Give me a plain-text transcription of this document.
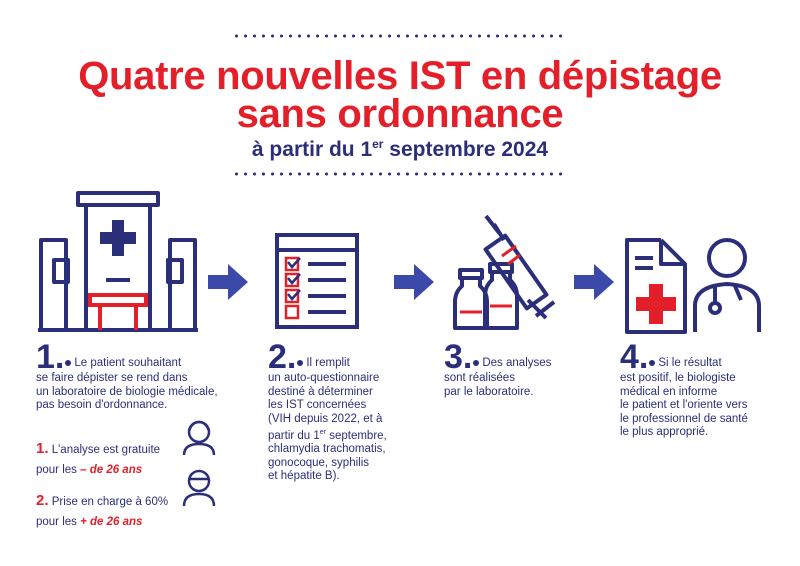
Quatre nouvelles IST en dépistage
sans ordonnance
à partir du 1er septembre 2024
1. Le patient souhaitant
se faire dépister se rend dans
un laboratoire de biologie médicale,
pas besoin d'ordonnance.
1. L'analyse est gratuite
pour les – de 26 ans
2. Prise en charge à 60%
pour les + de 26 ans
2. Il remplit
un auto-questionnaire
destiné à déterminer
les IST concernées
(VIH depuis 2022, et à
partir du 1er septembre,
chlamydia trachomatis,
gonocoque, syphilis
et hépatite B).
3. Des analyses
sont réalisées
par le laboratoire.
4. Si le résultat
est positif, le biologiste
médical en informe
le patient et l'oriente vers
le professionnel de santé
le plus approprié.
